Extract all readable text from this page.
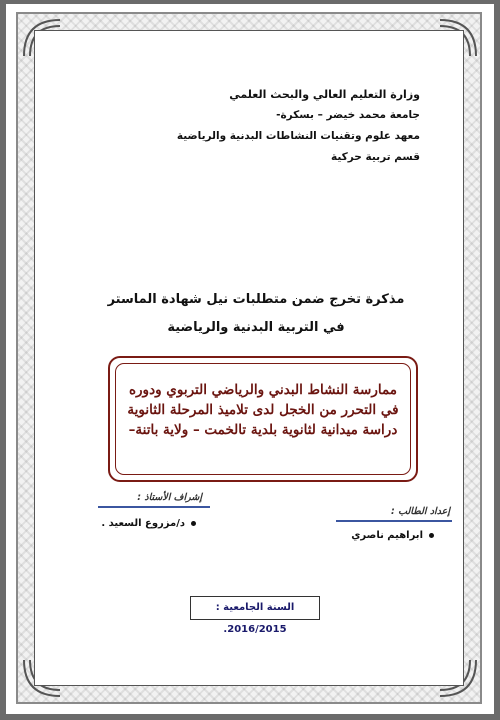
وزارة التعليم العالي والبحث العلمي
جامعة محمد خيضر – بسكرة-
معهد علوم وتقنيات النشاطات البدنية والرياضية
قسم تربية حركية
مذكرة تخرج ضمن متطلبات نيل شهادة الماستر
في التربية البدنية والرياضية
ممارسة النشاط البدني والرياضي التربوي ودوره
في التحرر من الخجل لدى تلاميذ المرحلة الثانوية
دراسة ميدانية لثانوية بلدية تالخمت – ولاية باتنة–
إشراف الأستاذ :
د/مزروع السعيد .
إعداد الطالب :
ابراهيم ناصري
السنة الجامعية : 2016/2015.
